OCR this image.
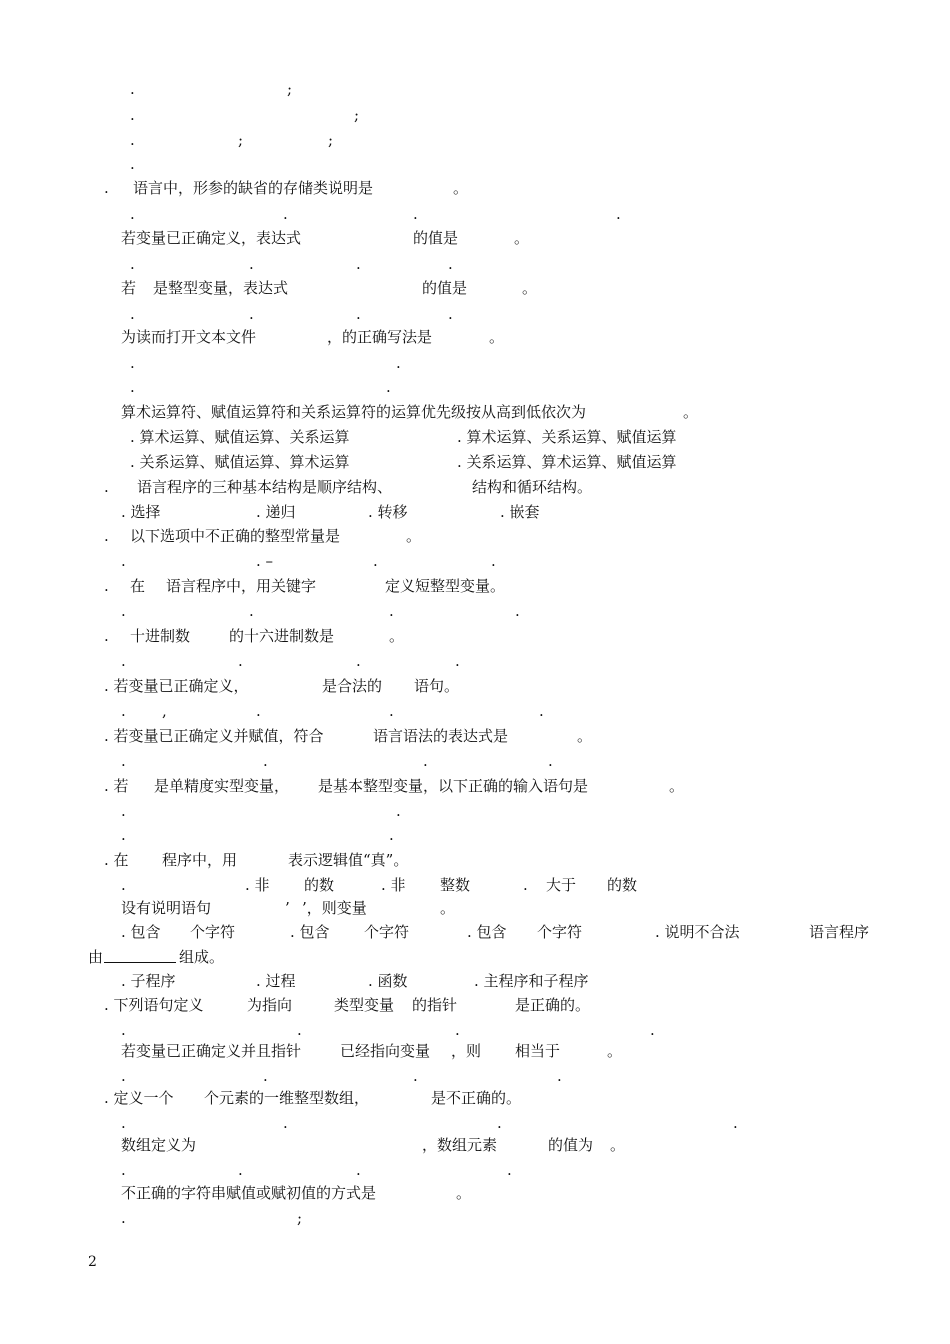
.	;
.	;
.	;	;
.
. 语言中，形参的缺省的存储类说明是	。
.	.	.	.
若变量已正确定义，表达式	的值是	。
.	.	.	.
若 是整型变量，表达式	的值是	。
.	.	.	.
为读而打开文本文件	，的正确写法是	。
.	.
.	.
算术运算符、赋值运算符和关系运算符的运算优先级按从高到低依次为	。
. 算术运算、赋值运算、关系运算	. 算术运算、关系运算、赋值运算
. 关系运算、赋值运算、算术运算	. 关系运算、算术运算、赋值运算
. 语言程序的三种基本结构是顺序结构、	结构和循环结构。
. 选择	. 递归	. 转移	. 嵌套
. 以下选项中不正确的整型常量是	。
.	. –	.	.
. 在 语言程序中，用关键字	定义短整型变量。
.	.	.	.
. 十进制数	的十六进制数是	。
.	.	.	.
. 若变量已正确定义，	是合法的 语句。
. ,	.	.	.
. 若变量已正确定义并赋值，符合	语言语法的表达式是	。
.	.	.	.
. 若 是单精度实型变量， 是基本整型变量，以下正确的输入语句是	。
.	.
.	.
. 在 程序中，用	表示逻辑值“真”。
.	. 非 的数	. 非 整数	. 大于 的数
设有说明语句	’ ’，则变量	。
. 包含 个字符	. 包含 个字符	. 包含 个字符	. 说明不合法	语言程序
由	组成。
. 子程序	. 过程	. 函数	. 主程序和子程序
. 下列语句定义	为指向	类型变量 的指针	是正确的。
.	.	.	.
若变量已正确定义并且指针	已经指向变量 ，则 相当于	。
.	.	.	.
. 定义一个 个元素的一维整型数组，	是不正确的。
.	.	.	.
数组定义为	，数组元素	的值为 。
.	.	.	.
不正确的字符串赋值或赋初值的方式是	。
.	;
2
